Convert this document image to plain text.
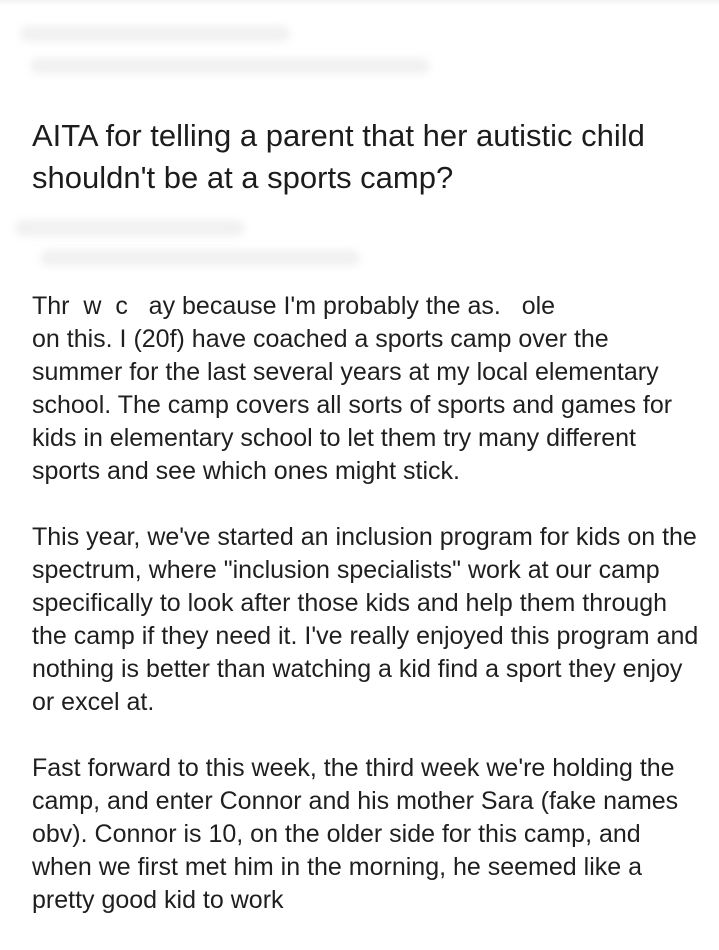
AITA for telling a parent that her autistic child shouldn't be at a sports camp?

Thr  w  c   ay because I'm probably the as.   ole
on this. I (20f) have coached a sports camp over the summer for the last several years at my local elementary school. The camp covers all sorts of sports and games for kids in elementary school to let them try many different sports and see which ones might stick.

This year, we've started an inclusion program for kids on the spectrum, where "inclusion specialists" work at our camp specifically to look after those kids and help them through the camp if they need it. I've really enjoyed this program and nothing is better than watching a kid find a sport they enjoy or excel at.

Fast forward to this week, the third week we're holding the camp, and enter Connor and his mother Sara (fake names obv). Connor is 10, on the older side for this camp, and when we first met him in the morning, he seemed like a pretty good kid to work
